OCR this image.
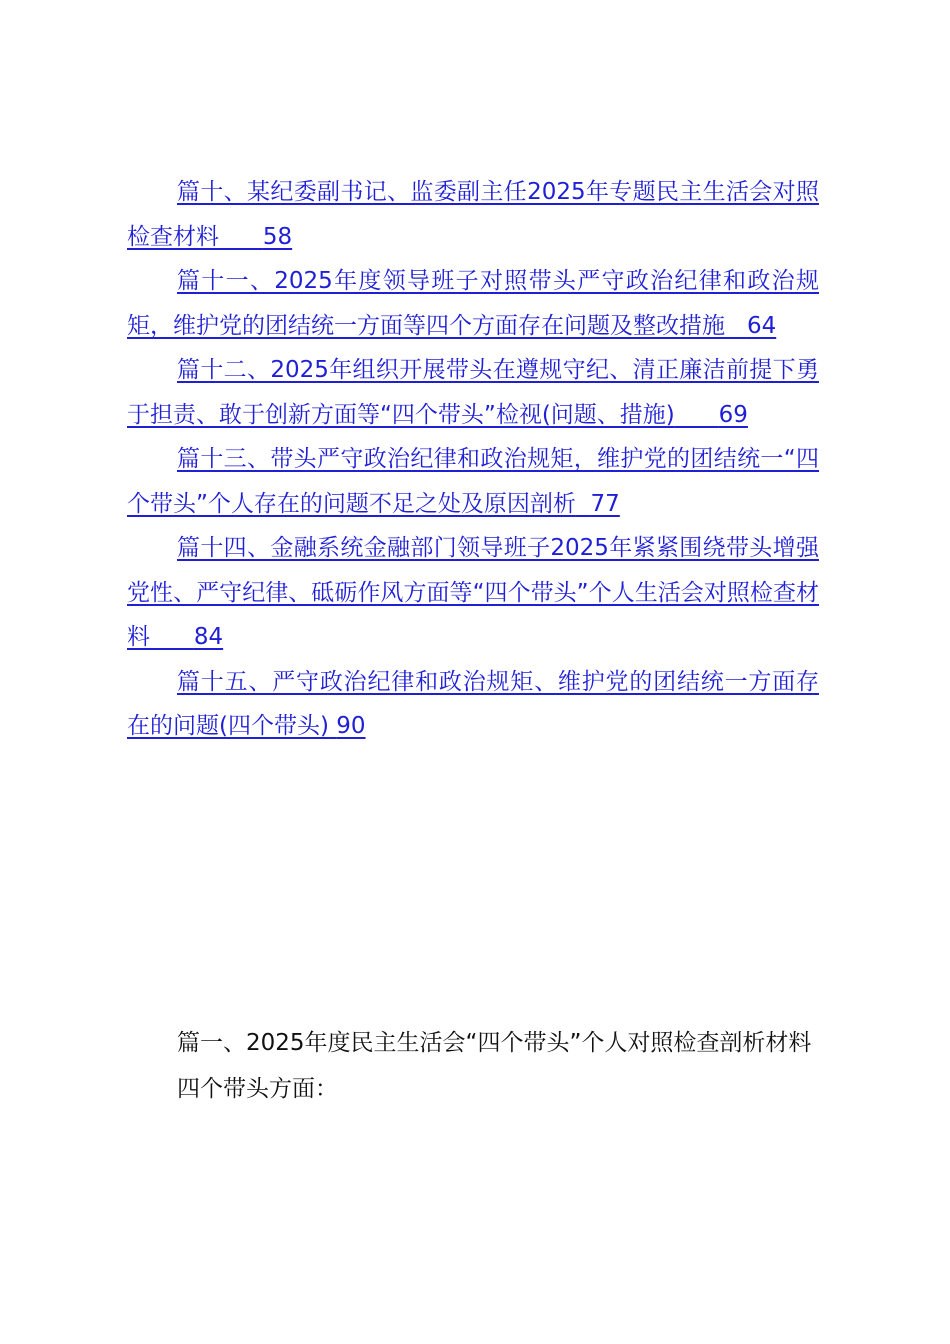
篇十、某纪委副书记、监委副主任2025年专题民主生活会对照检查材料 58
篇十一、2025年度领导班子对照带头严守政治纪律和政治规矩，维护党的团结统一方面等四个方面存在问题及整改措施 64
篇十二、2025年组织开展带头在遵规守纪、清正廉洁前提下勇于担责、敢于创新方面等“四个带头”检视(问题、措施) 69
篇十三、带头严守政治纪律和政治规矩，维护党的团结统一“四个带头”个人存在的问题不足之处及原因剖析 77
篇十四、金融系统金融部门领导班子2025年紧紧围绕带头增强党性、严守纪律、砥砺作风方面等“四个带头”个人生活会对照检查材料 84
篇十五、严守政治纪律和政治规矩、维护党的团结统一方面存在的问题(四个带头) 90

篇一、2025年度民主生活会“四个带头”个人对照检查剖析材料

四个带头方面：
